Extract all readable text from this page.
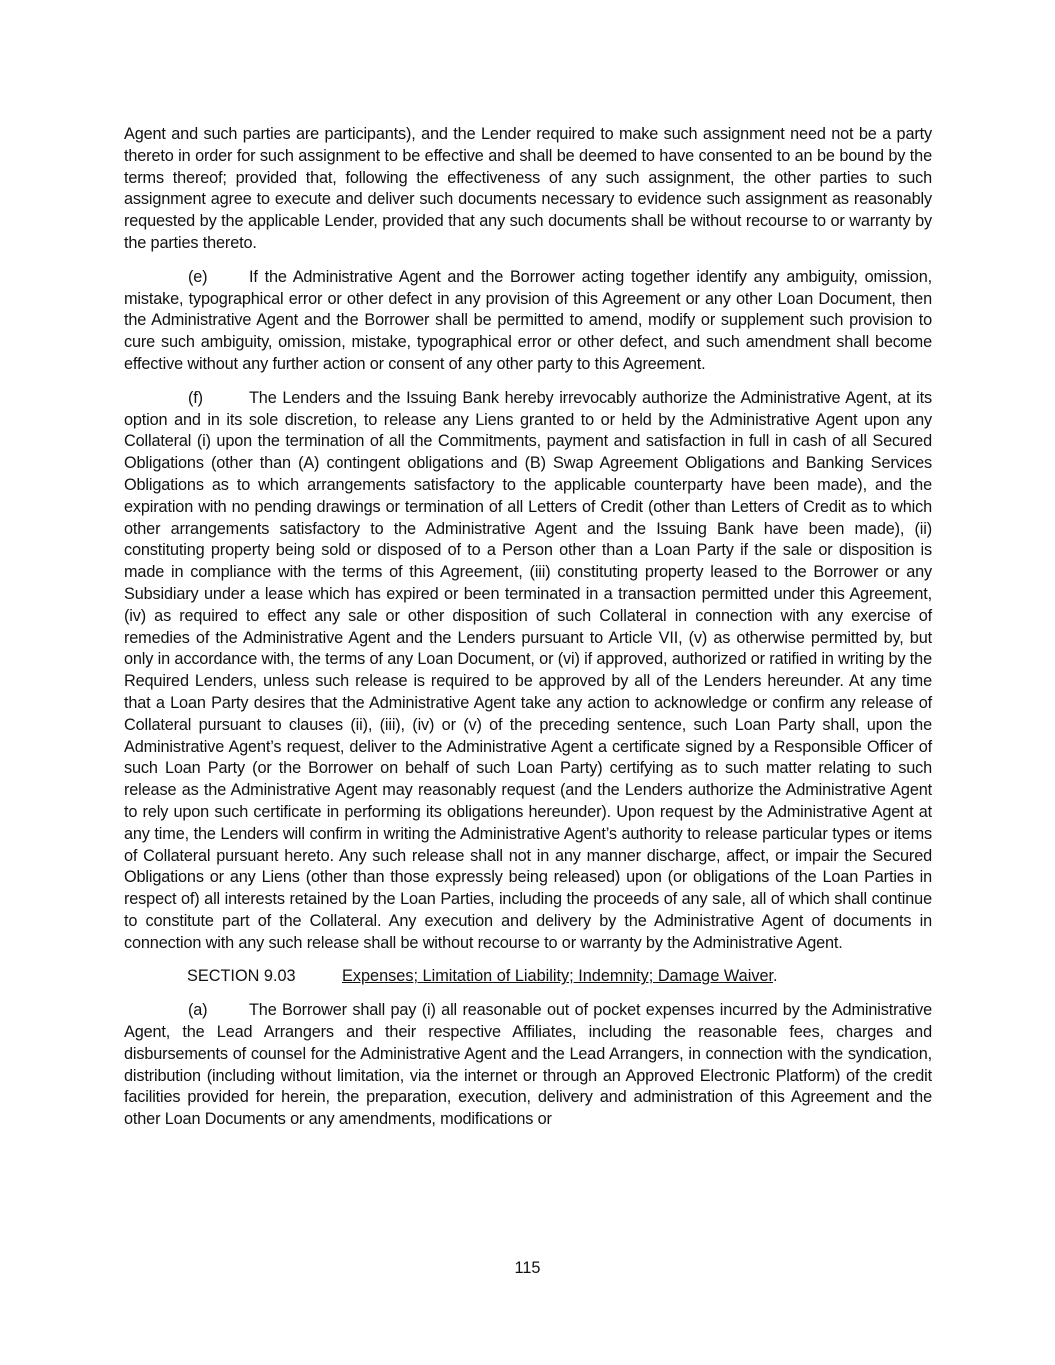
Agent and such parties are participants), and the Lender required to make such assignment need not be a party thereto in order for such assignment to be effective and shall be deemed to have consented to an be bound by the terms thereof; provided that, following the effectiveness of any such assignment, the other parties to such assignment agree to execute and deliver such documents necessary to evidence such assignment as reasonably requested by the applicable Lender, provided that any such documents shall be without recourse to or warranty by the parties thereto.

(e)	If the Administrative Agent and the Borrower acting together identify any ambiguity, omission, mistake, typographical error or other defect in any provision of this Agreement or any other Loan Document, then the Administrative Agent and the Borrower shall be permitted to amend, modify or supplement such provision to cure such ambiguity, omission, mistake, typographical error or other defect, and such amendment shall become effective without any further action or consent of any other party to this Agreement.

(f)	The Lenders and the Issuing Bank hereby irrevocably authorize the Administrative Agent, at its option and in its sole discretion, to release any Liens granted to or held by the Administrative Agent upon any Collateral (i) upon the termination of all the Commitments, payment and satisfaction in full in cash of all Secured Obligations (other than (A) contingent obligations and (B) Swap Agreement Obligations and Banking Services Obligations as to which arrangements satisfactory to the applicable counterparty have been made), and the expiration with no pending drawings or termination of all Letters of Credit (other than Letters of Credit as to which other arrangements satisfactory to the Administrative Agent and the Issuing Bank have been made), (ii) constituting property being sold or disposed of to a Person other than a Loan Party if the sale or disposition is made in compliance with the terms of this Agreement, (iii) constituting property leased to the Borrower or any Subsidiary under a lease which has expired or been terminated in a transaction permitted under this Agreement, (iv) as required to effect any sale or other disposition of such Collateral in connection with any exercise of remedies of the Administrative Agent and the Lenders pursuant to Article VII, (v) as otherwise permitted by, but only in accordance with, the terms of any Loan Document, or (vi) if approved, authorized or ratified in writing by the Required Lenders, unless such release is required to be approved by all of the Lenders hereunder. At any time that a Loan Party desires that the Administrative Agent take any action to acknowledge or confirm any release of Collateral pursuant to clauses (ii), (iii), (iv) or (v) of the preceding sentence, such Loan Party shall, upon the Administrative Agent’s request, deliver to the Administrative Agent a certificate signed by a Responsible Officer of such Loan Party (or the Borrower on behalf of such Loan Party) certifying as to such matter relating to such release as the Administrative Agent may reasonably request (and the Lenders authorize the Administrative Agent to rely upon such certificate in performing its obligations hereunder). Upon request by the Administrative Agent at any time, the Lenders will confirm in writing the Administrative Agent’s authority to release particular types or items of Collateral pursuant hereto. Any such release shall not in any manner discharge, affect, or impair the Secured Obligations or any Liens (other than those expressly being released) upon (or obligations of the Loan Parties in respect of) all interests retained by the Loan Parties, including the proceeds of any sale, all of which shall continue to constitute part of the Collateral. Any execution and delivery by the Administrative Agent of documents in connection with any such release shall be without recourse to or warranty by the Administrative Agent.

SECTION 9.03	Expenses; Limitation of Liability; Indemnity; Damage Waiver.

(a)	The Borrower shall pay (i) all reasonable out of pocket expenses incurred by the Administrative Agent, the Lead Arrangers and their respective Affiliates, including the reasonable fees, charges and disbursements of counsel for the Administrative Agent and the Lead Arrangers, in connection with the syndication, distribution (including without limitation, via the internet or through an Approved Electronic Platform) of the credit facilities provided for herein, the preparation, execution, delivery and administration of this Agreement and the other Loan Documents or any amendments, modifications or

115
